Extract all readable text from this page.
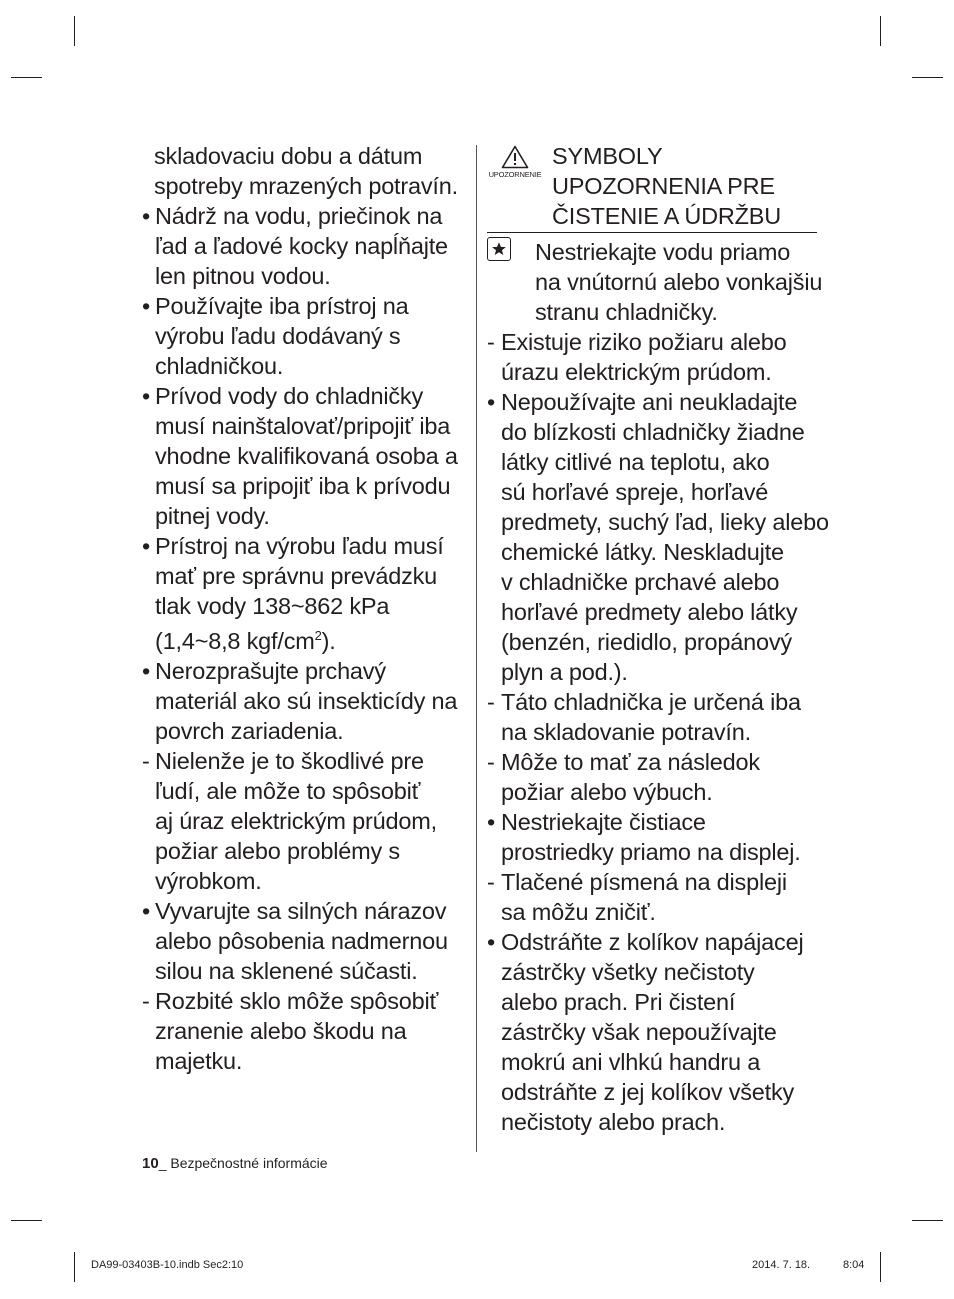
skladovaciu dobu a dátum
spotreby mrazených potravín.
• Nádrž na vodu, priečinok na
ľad a ľadové kocky napĺňajte
len pitnou vodou.
• Používajte iba prístroj na
výrobu ľadu dodávaný s
chladničkou.
• Prívod vody do chladničky
musí nainštalovať/pripojiť iba
vhodne kvalifikovaná osoba a
musí sa pripojiť iba k prívodu
pitnej vody.
• Prístroj na výrobu ľadu musí
mať pre správnu prevádzku
tlak vody 138~862 kPa
(1,4~8,8 kgf/$cm^2$).
• Nerozprašujte prchavý
materiál ako sú insekticídy na
povrch zariadenia.
- Nielenže je to škodlivé pre
ľudí, ale môže to spôsobiť
aj úraz elektrickým prúdom,
požiar alebo problémy s
výrobkom.
• Vyvarujte sa silných nárazov
alebo pôsobenia nadmernou
silou na sklenené súčasti.
- Rozbité sklo môže spôsobiť
zranenie alebo škodu na
majetku.
UPOZORNENIE
SYMBOLY
UPOZORNENIA PRE
ČISTENIE A ÚDRŽBU
Nestriekajte vodu priamo
na vnútornú alebo vonkajšiu
stranu chladničky.
- Existuje riziko požiaru alebo
úrazu elektrickým prúdom.
• Nepoužívajte ani neukladajte
do blízkosti chladničky žiadne
látky citlivé na teplotu, ako
sú horľavé spreje, horľavé
predmety, suchý ľad, lieky alebo
chemické látky. Neskladujte
v chladničke prchavé alebo
horľavé predmety alebo látky
(benzén, riedidlo, propánový
plyn a pod.).
- Táto chladnička je určená iba
na skladovanie potravín.
- Môže to mať za následok
požiar alebo výbuch.
• Nestriekajte čistiace
prostriedky priamo na displej.
- Tlačené písmená na displeji
sa môžu zničiť.
• Odstráňte z kolíkov napájacej
zástrčky všetky nečistoty
alebo prach. Pri čistení
zástrčky však nepoužívajte
mokrú ani vlhkú handru a
odstráňte z jej kolíkov všetky
nečistoty alebo prach.
10_ Bezpečnostné informácie
DA99-03403B-10.indb Sec2:10	2014. 7. 18.	8:04
